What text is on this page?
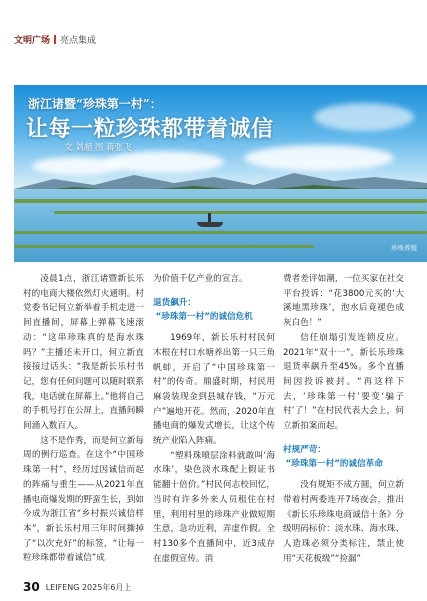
文明广场 亮点集成
浙江诸暨“珍珠第一村”：
让每一粒珍珠都带着诚信
文 刘超 图 蒋张飞
珍珠养殖

凌晨1点，浙江诸暨新长乐村的电商大楼依然灯火通明。村党委书记何立新举着手机走进一间直播间，屏幕上弹幕飞速滚动：“这串珍珠真的是海水珠吗？”主播还未开口，何立新直接接过话头：“我是新长乐村书记，您有任何问题可以随时联系我，电话就在屏幕上。”他将自己的手机号打在公屏上，直播间瞬间涌入数百人。

这不是作秀，而是何立新每周的例行巡查。在这个“中国珍珠第一村”，经历过因诚信而起的阵痛与重生——从2021年直播电商爆发期的野蛮生长，到如今成为浙江省“乡村振兴诚信样本”，新长乐村用三年时间撕掉了“以次充好”的标签，“让每一粒珍珠都带着诚信”成

为价值千亿产业的宣言。

退货飙升：
“珍珠第一村”的诚信危机

1969年，新长乐村村民何木根在村口水塘养出第一只三角帆蚌，开启了“中国珍珠第一村”的传奇。鼎盛时期，村民用麻袋装现金到县城存钱，“万元户”遍地开花。然而，2020年直播电商的爆发式增长，让这个传统产业陷入阵痛。

“塑料珠喷层涂料就敢叫‘海水珠’，染色淡水珠配上假证书能翻十倍价。”村民何志校回忆，当时有许多外来人员租住在村里，利用村里的珍珠产业做短期生意，急功近利，弄虚作假。全村130多个直播间中，近3成存在虚假宣传。消

费者差评如潮，一位买家在社交平台投诉：“花3800元买的‘大溪地黑珍珠’，泡水后竟褪色成灰白色！”

信任崩塌引发连锁反应。2021年“双十一”，新长乐珍珠退货率飙升至45%。多个直播间因投诉被封。“再这样下去，‘珍珠第一村’要变‘骗子村’了！”在村民代表大会上，何立新拍案而起。

村规严苛：
“珍珠第一村”的诚信革命

没有规矩不成方圆，何立新带着村两委连开7场夜会，推出《新长乐珍珠电商诚信十条》分级明码标价：淡水珠、海水珠、人造珠必须分类标注，禁止使用“天花板级”“捡漏”

30 LEIFENG 2025年6月上
